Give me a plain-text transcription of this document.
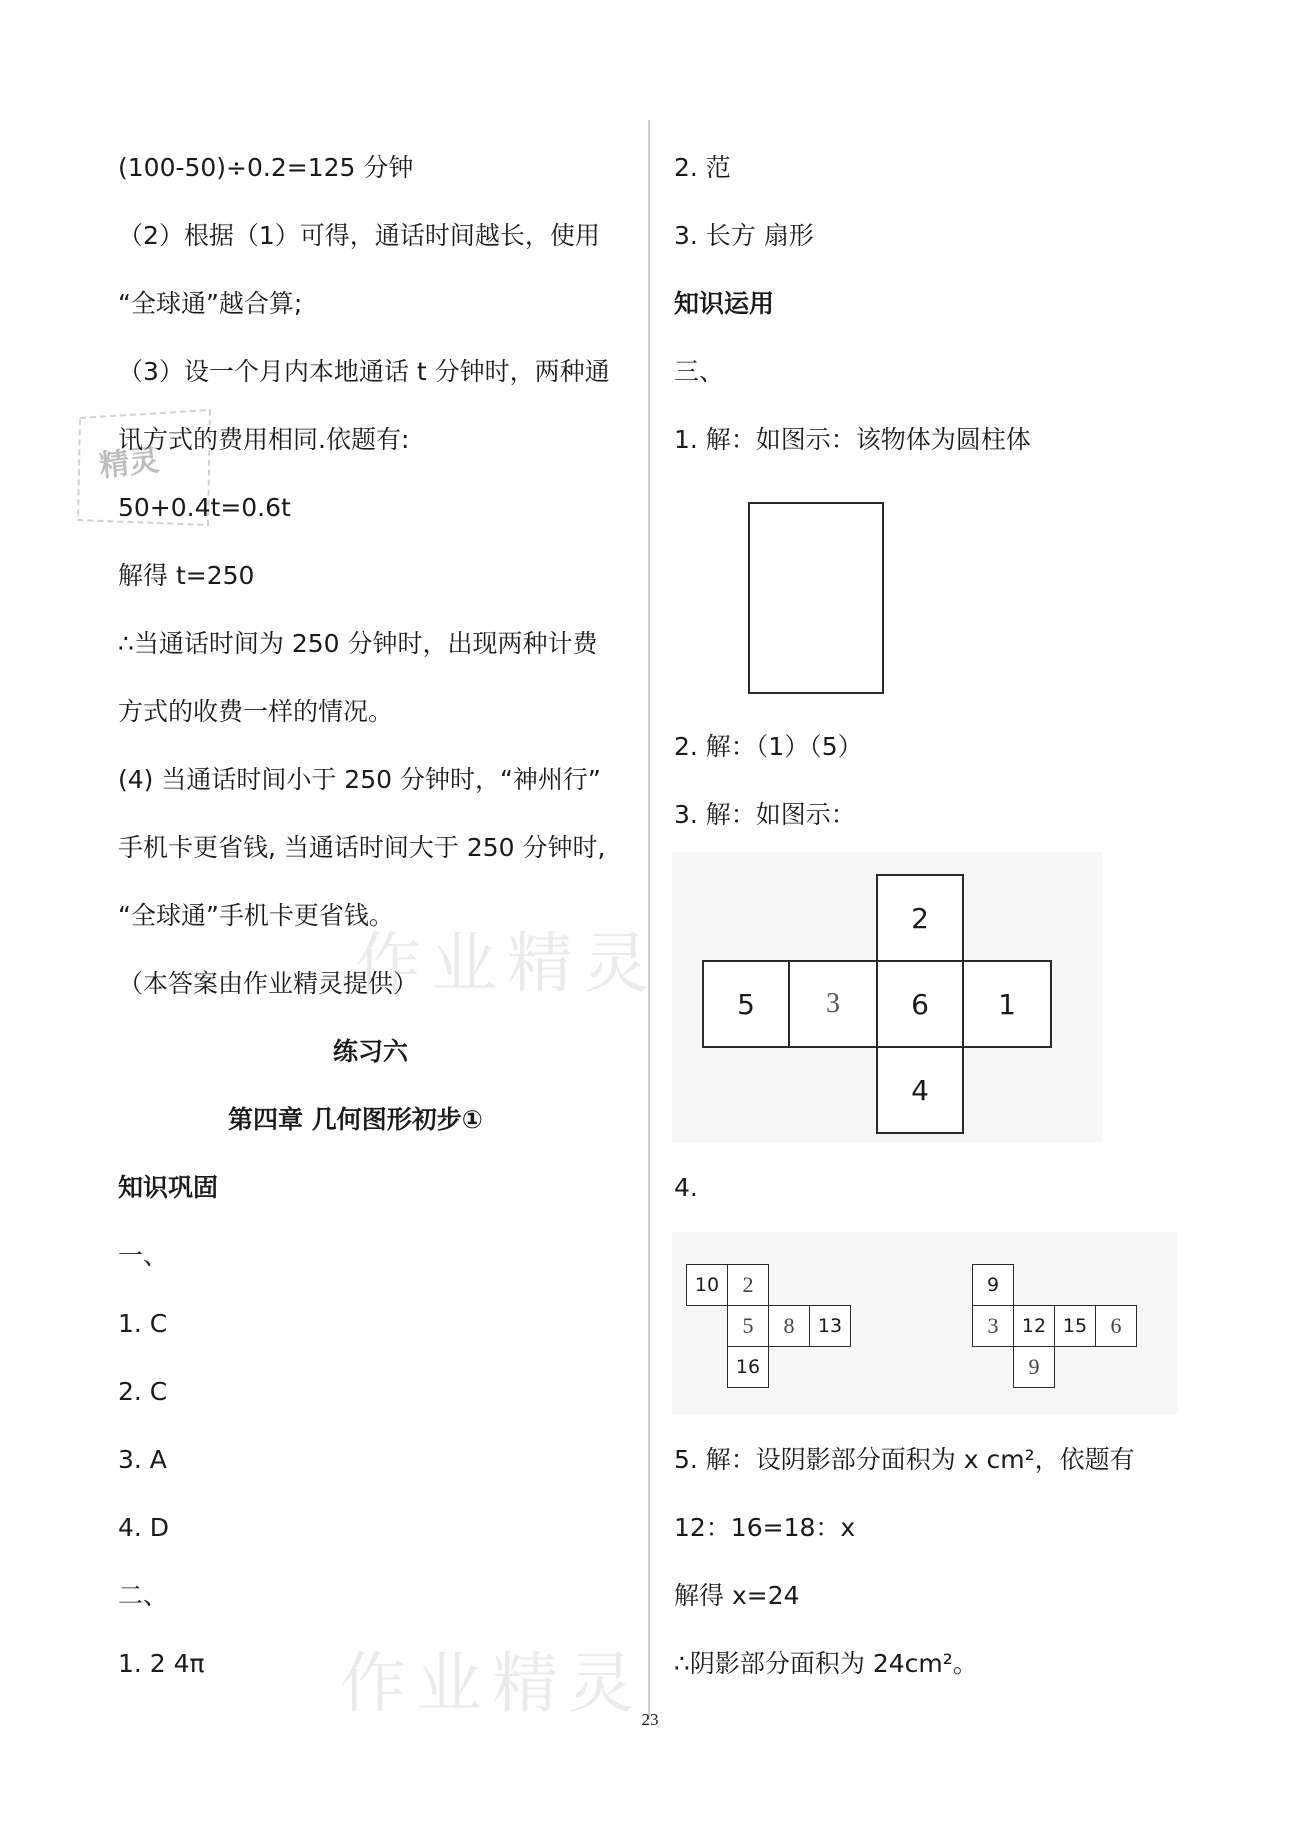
精灵
(100-50)÷0.2=125 分钟
（2）根据（1）可得，通话时间越长，使用
“全球通”越合算;
（3）设一个月内本地通话 t 分钟时，两种通
讯方式的费用相同.依题有:
50+0.4t=0.6t
解得 t=250
∴当通话时间为 250 分钟时，出现两种计费
方式的收费一样的情况。
(4) 当通话时间小于 250 分钟时，“神州行”
手机卡更省钱, 当通话时间大于 250 分钟时,
“全球通”手机卡更省钱。
（本答案由作业精灵提供）
练习六
第四章 几何图形初步①
知识巩固
一、
1. C
2. C
3. A
4. D
二、
1. 2 4π
2. 范
3. 长方 扇形
知识运用
三、
1. 解：如图示：该物体为圆柱体
2. 解：（1）（5）
3. 解：如图示：
2
5	3	6	1
4
4.
10	2
5	8	13
16
9
3	12 15	6
9
5. 解：设阴影部分面积为 x cm²，依题有
12：16=18：x
解得 x=24
∴阴影部分面积为 24cm²。
作业精灵
作业精灵
23
